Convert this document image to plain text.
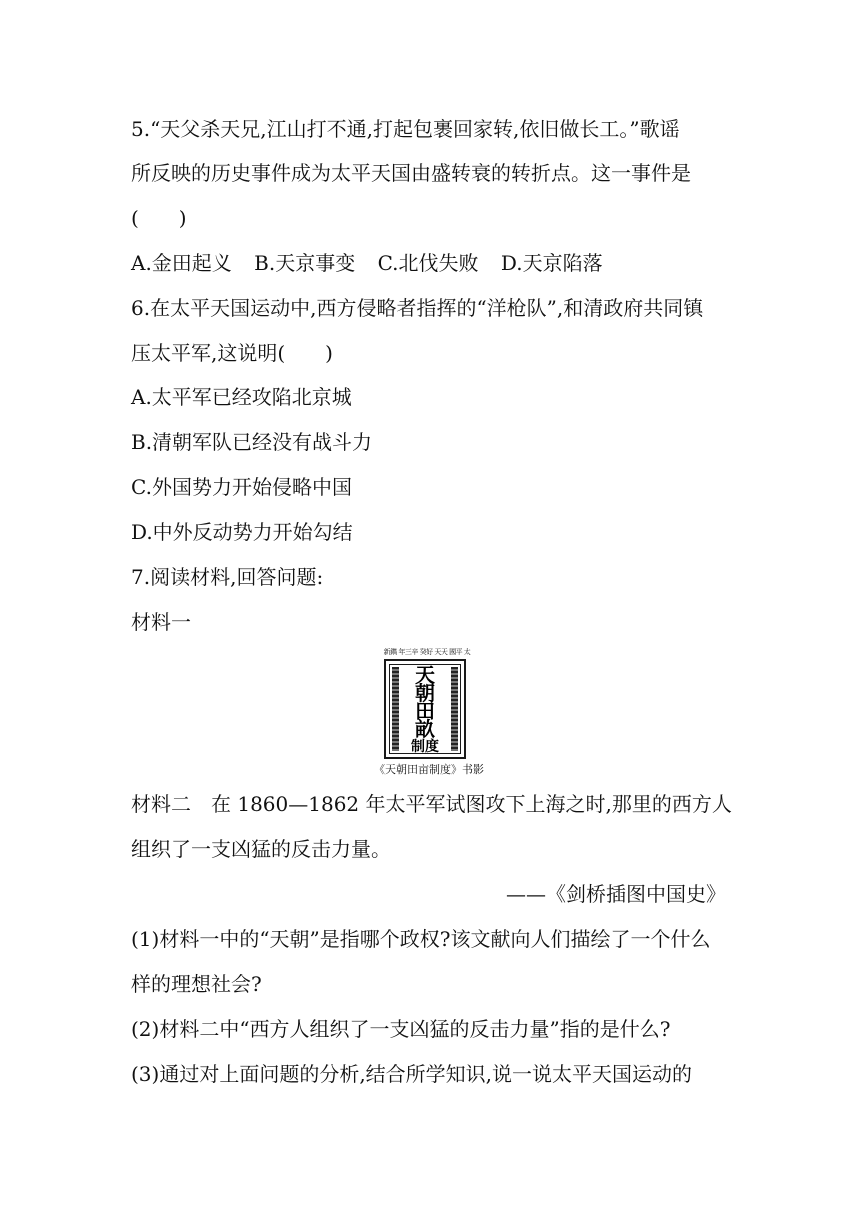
5.“天父杀天兄,江山打不通,打起包裹回家转,依旧做长工。”歌谣
所反映的历史事件成为太平天国由盛转衰的转折点。这一事件是
(　　)
A.金田起义 B.天京事变 C.北伐失败 D.天京陷落
6.在太平天国运动中,西方侵略者指挥的“洋枪队”,和清政府共同镇
压太平军,这说明(　　)
A.太平军已经攻陷北京城
B.清朝军队已经没有战斗力
C.外国势力开始侵略中国
D.中外反动势力开始勾结
7.阅读材料,回答问题:
材料一
新鐫 年三辛 癸好 天天 國平 太
天
朝
田
畝
制度
《天朝田亩制度》书影
材料二　在 1860—1862 年太平军试图攻下上海之时,那里的西方人
组织了一支凶猛的反击力量。
——《剑桥插图中国史》
(1)材料一中的“天朝”是指哪个政权?该文献向人们描绘了一个什么
样的理想社会?
(2)材料二中“西方人组织了一支凶猛的反击力量”指的是什么?
(3)通过对上面问题的分析,结合所学知识,说一说太平天国运动的
